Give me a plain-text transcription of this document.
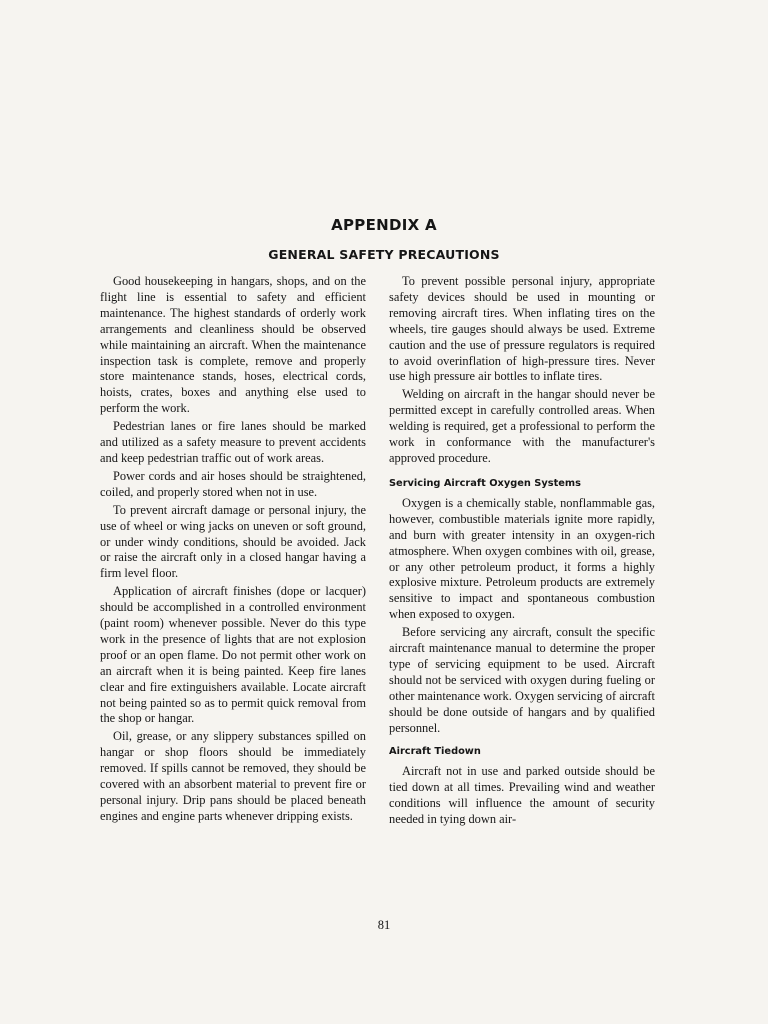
APPENDIX A
GENERAL SAFETY PRECAUTIONS

Good housekeeping in hangars, shops, and on the flight line is essential to safety and efficient maintenance. The highest standards of orderly work arrangements and cleanliness should be observed while maintaining an aircraft. When the maintenance inspection task is complete, remove and properly store maintenance stands, hoses, electrical cords, hoists, crates, boxes and anything else used to perform the work.

Pedestrian lanes or fire lanes should be marked and utilized as a safety measure to prevent accidents and keep pedestrian traffic out of work areas.

Power cords and air hoses should be straightened, coiled, and properly stored when not in use.

To prevent aircraft damage or personal injury, the use of wheel or wing jacks on uneven or soft ground, or under windy conditions, should be avoided. Jack or raise the aircraft only in a closed hangar having a firm level floor.

Application of aircraft finishes (dope or lacquer) should be accomplished in a controlled environment (paint room) whenever possible. Never do this type work in the presence of lights that are not explosion proof or an open flame. Do not permit other work on an aircraft when it is being painted. Keep fire lanes clear and fire extinguishers available. Locate aircraft not being painted so as to permit quick removal from the shop or hangar.

Oil, grease, or any slippery substances spilled on hangar or shop floors should be immediately removed. If spills cannot be removed, they should be covered with an absorbent material to prevent fire or personal injury. Drip pans should be placed beneath engines and engine parts whenever dripping exists.

To prevent possible personal injury, appropriate safety devices should be used in mounting or removing aircraft tires. When inflating tires on the wheels, tire gauges should always be used. Extreme caution and the use of pressure regulators is required to avoid overinflation of high-pressure tires. Never use high pressure air bottles to inflate tires.

Welding on aircraft in the hangar should never be permitted except in carefully controlled areas. When welding is required, get a professional to perform the work in conformance with the manufacturer's approved procedure.

Servicing Aircraft Oxygen Systems

Oxygen is a chemically stable, nonflammable gas, however, combustible materials ignite more rapidly, and burn with greater intensity in an oxygen-rich atmosphere. When oxygen combines with oil, grease, or any other petroleum product, it forms a highly explosive mixture. Petroleum products are extremely sensitive to impact and spontaneous combustion when exposed to oxygen.

Before servicing any aircraft, consult the specific aircraft maintenance manual to determine the proper type of servicing equipment to be used. Aircraft should not be serviced with oxygen during fueling or other maintenance work. Oxygen servicing of aircraft should be done outside of hangars and by qualified personnel.

Aircraft Tiedown

Aircraft not in use and parked outside should be tied down at all times. Prevailing wind and weather conditions will influence the amount of security needed in tying down air-

81
